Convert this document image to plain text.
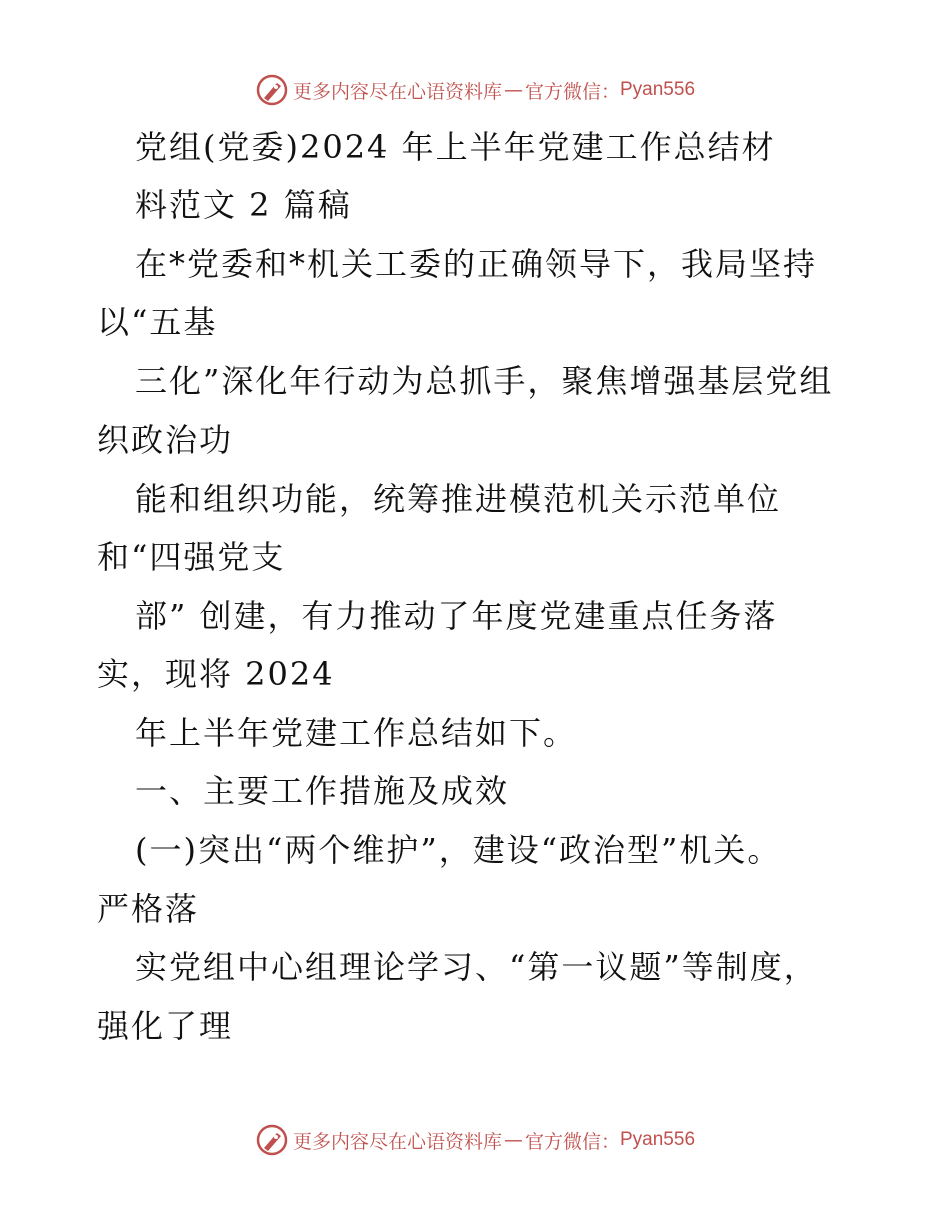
更多内容尽在心语资料库 — 官方微信： Pyan556
党组(党委)2024 年上半年党建工作总结材
料范文 2 篇稿
在*党委和*机关工委的正确领导下，我局坚持
以“五基
三化”深化年行动为总抓手，聚焦增强基层党组
织政治功
能和组织功能，统筹推进模范机关示范单位
和“四强党支
部” 创建，有力推动了年度党建重点任务落
实，现将 2024
年上半年党建工作总结如下。
一、主要工作措施及成效
(一)突出“两个维护”，建设“政治型”机关。
严格落
实党组中心组理论学习、“第一议题”等制度，
强化了理
更多内容尽在心语资料库 — 官方微信： Pyan556
